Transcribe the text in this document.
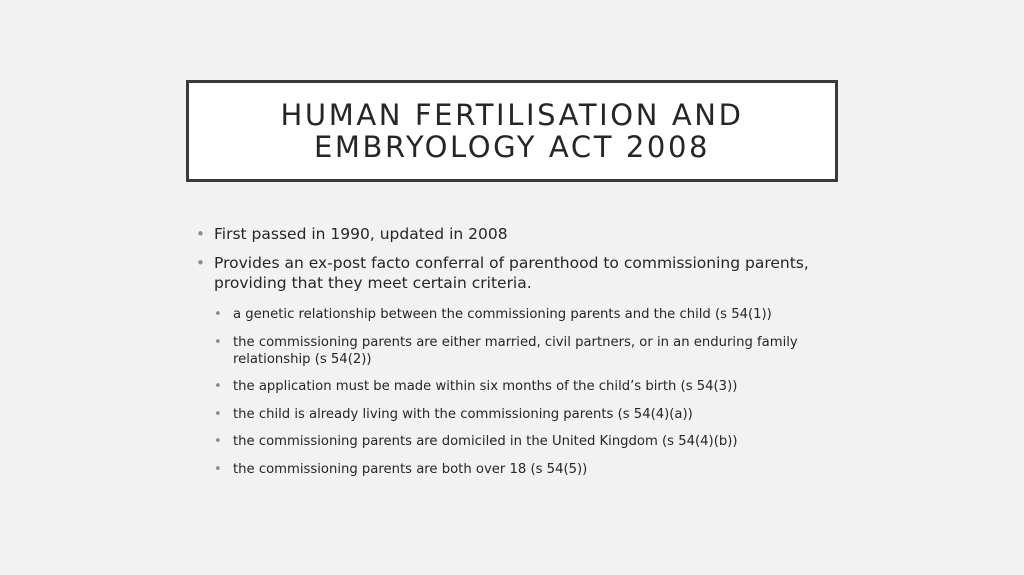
HUMAN FERTILISATION AND
EMBRYOLOGY ACT 2008
• First passed in 1990, updated in 2008
• Provides an ex-post facto conferral of parenthood to commissioning parents, providing that they meet certain criteria.
• a genetic relationship between the commissioning parents and the child (s 54(1))
• the commissioning parents are either married, civil partners, or in an enduring family relationship (s 54(2))
• the application must be made within six months of the child’s birth (s 54(3))
• the child is already living with the commissioning parents (s 54(4)(a))
• the commissioning parents are domiciled in the United Kingdom (s 54(4)(b))
• the commissioning parents are both over 18 (s 54(5))
